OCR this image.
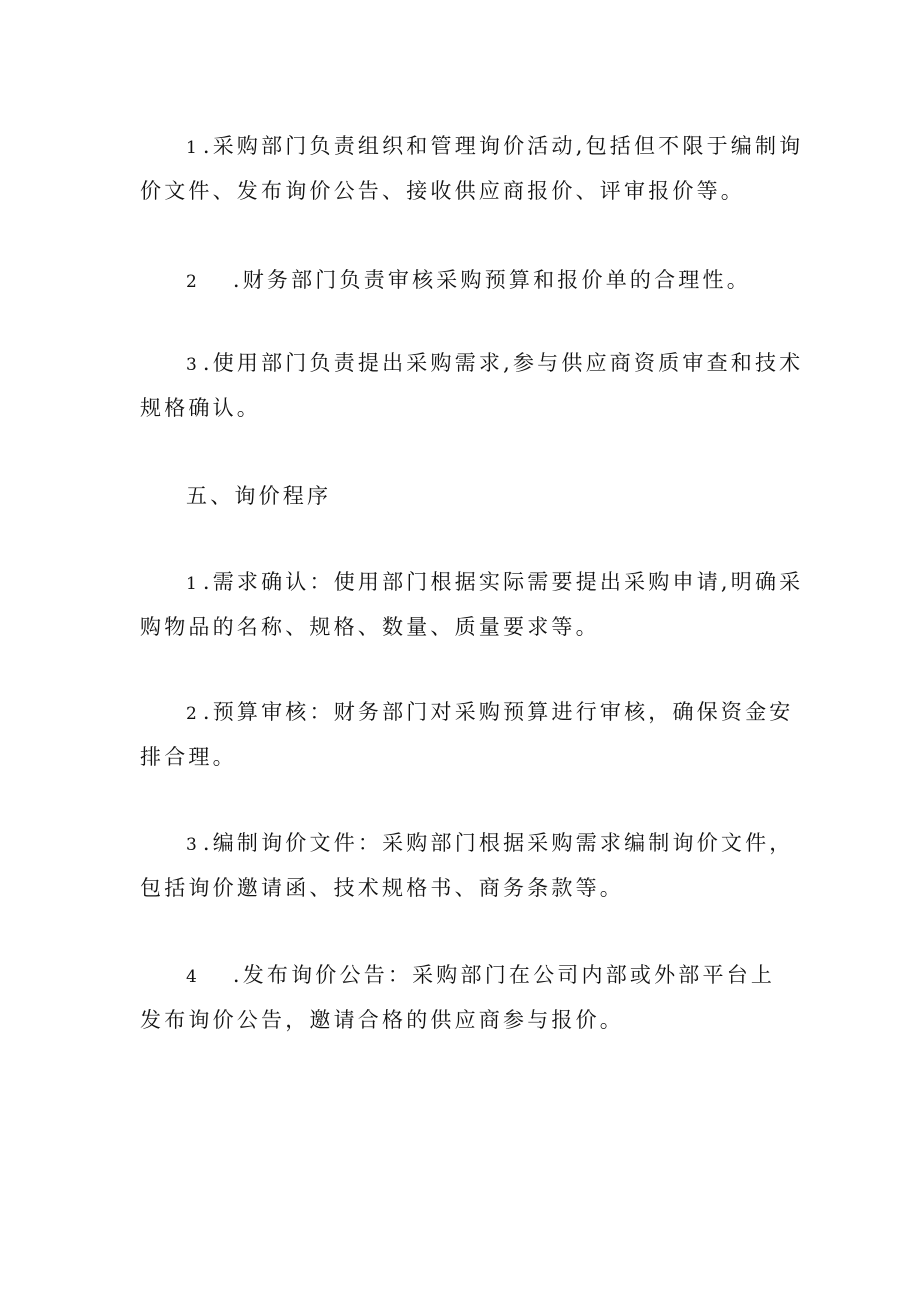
1 .采购部门负责组织和管理询价活动,包括但不限于编制询
价文件、发布询价公告、接收供应商报价、评审报价等。
2 .财务部门负责审核采购预算和报价单的合理性。
3 .使用部门负责提出采购需求,参与供应商资质审查和技术
规格确认。
五、询价程序
1 .需求确认：使用部门根据实际需要提出采购申请,明确采
购物品的名称、规格、数量、质量要求等。
2 .预算审核：财务部门对采购预算进行审核，确保资金安
排合理。
3 .编制询价文件：采购部门根据采购需求编制询价文件，
包括询价邀请函、技术规格书、商务条款等。
4 .发布询价公告：采购部门在公司内部或外部平台上
发布询价公告，邀请合格的供应商参与报价。
